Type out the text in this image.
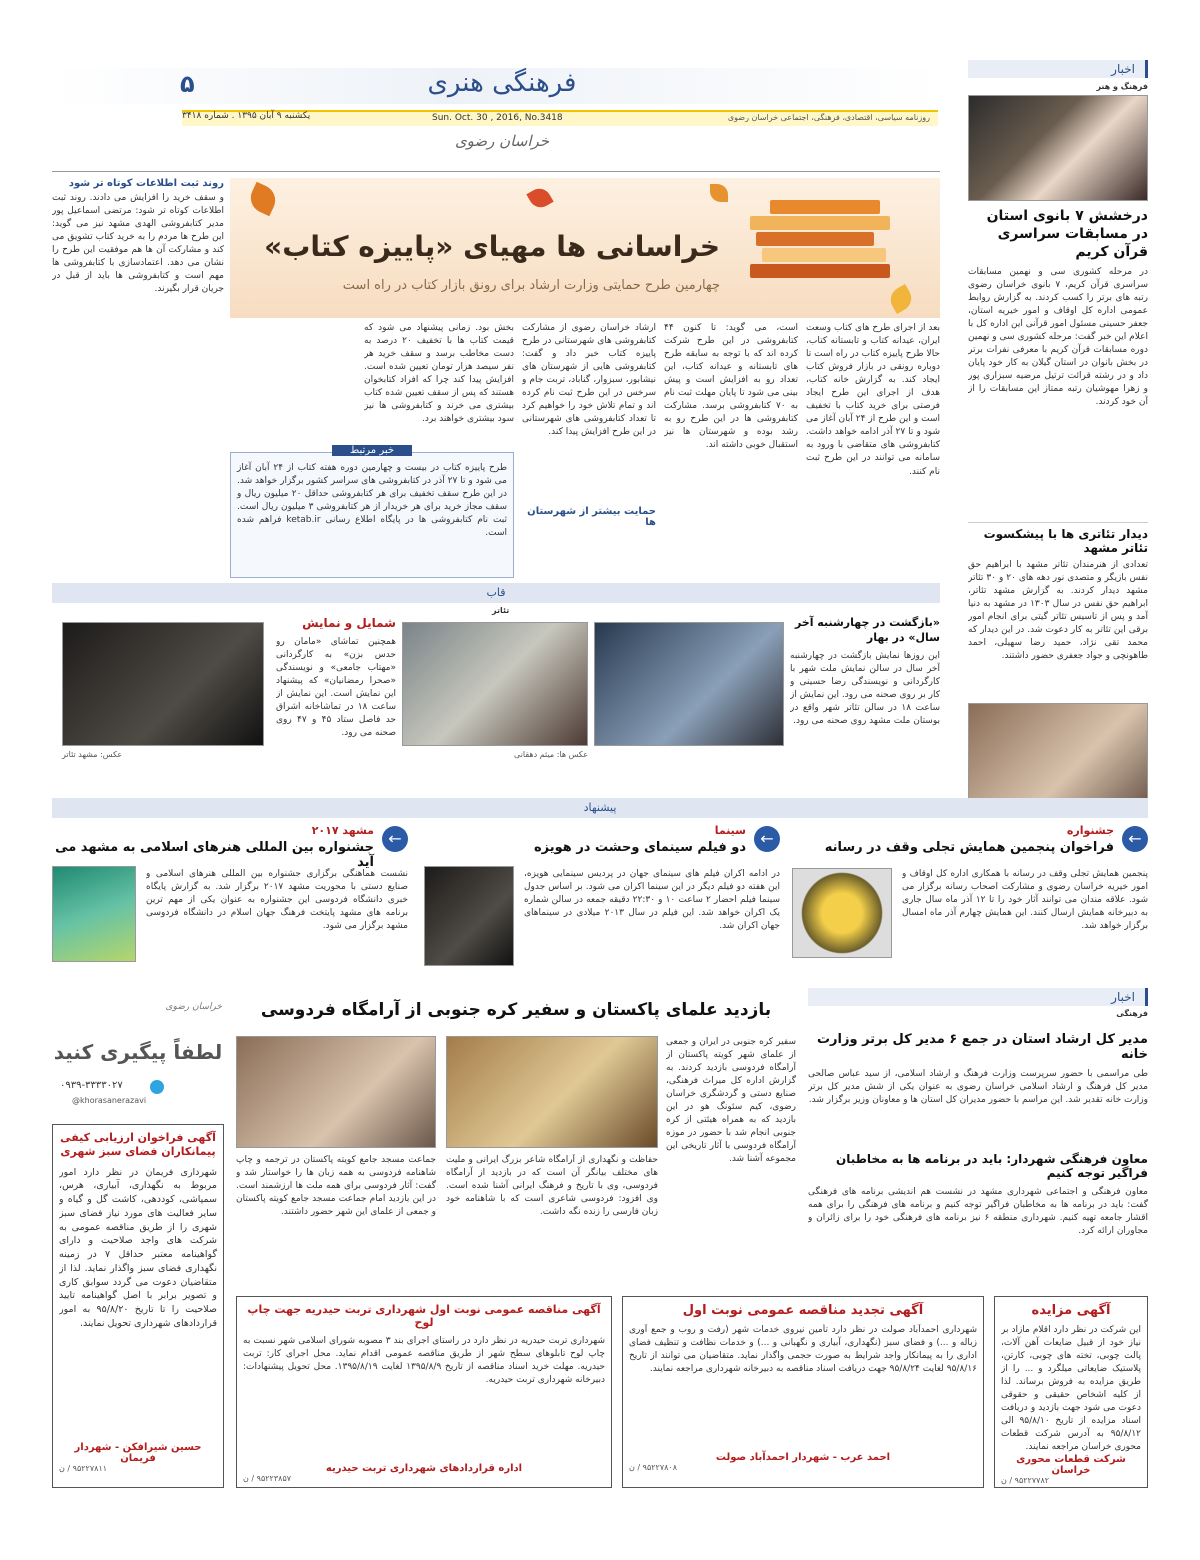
فرهنگی هنری
۵
روزنامه سیاسی، اقتصادی، فرهنگی، اجتماعی خراسان رضوی
Sun. Oct. 30 , 2016, No.3418
یکشنبه ۹ آبان ۱۳۹۵ . شماره ۳۴۱۸
خراسان رضوی
اخبار
فرهنگ و هنر
درخشش ۷ بانوی استان در مسابقات سراسری قرآن کریم
در مرحله کشوری سی و نهمین مسابقات سراسری قرآن کریم، ۷ بانوی خراسان رضوی رتبه های برتر را کسب کردند. به گزارش روابط عمومی اداره کل اوقاف و امور خیریه استان، جعفر حسینی مسئول امور قرآنی این اداره کل با اعلام این خبر گفت: مرحله کشوری سی و نهمین دوره مسابقات قرآن کریم با معرفی نفرات برتر در بخش بانوان در استان گیلان به کار خود پایان داد و در رشته قرائت ترتیل مرضیه سبزاری پور و زهرا مهوشیان رتبه ممتاز این مسابقات را از آن خود کردند.
دیدار تئاتری ها با پیشکسوت تئاتر مشهد
تعدادی از هنرمندان تئاتر مشهد با ابراهیم حق نفس بازیگر و متصدی نور دهه های ۲۰ و ۳۰ تئاتر مشهد دیدار کردند. به گزارش مشهد تئاتر، ابراهیم حق نفس در سال ۱۳۰۳ در مشهد به دنیا آمد و پس از تاسیس تئاتر گیتی برای انجام امور برقی این تئاتر به کار دعوت شد. در این دیدار که محمد تقی نژاد، حمید رضا سهیلی، احمد طاهونچی و جواد جعفری حضور داشتند.
خراسانی ها مهیای «پاییزه کتاب»
چهارمین طرح حمایتی وزارت ارشاد برای رونق بازار کتاب در راه است
بعد از اجرای طرح های کتاب وسعت ایران، عیدانه کتاب و تابستانه کتاب، حالا طرح پاییزه کتاب در راه است تا دوباره رونقی در بازار فروش کتاب ایجاد کند. به گزارش خانه کتاب، هدف از اجرای این طرح ایجاد فرصتی برای خرید کتاب با تخفیف است و این طرح از ۲۴ آبان آغاز می شود و تا ۲۷ آذر ادامه خواهد داشت. کتابفروشی های متقاضی با ورود به سامانه می توانند در این طرح ثبت نام کنند.
است، می گوید: تا کنون ۴۴ کتابفروشی در این طرح شرکت کرده اند که با توجه به سابقه طرح های تابستانه و عیدانه کتاب، این تعداد رو به افزایش است و پیش بینی می شود تا پایان مهلت ثبت نام به ۷۰ کتابفروشی برسد. مشارکت کتابفروشی ها در این طرح رو به رشد بوده و شهرستان ها نیز استقبال خوبی داشته اند.
ارشاد خراسان رضوی از مشارکت کتابفروشی های شهرستانی در طرح پاییزه کتاب خبر داد و گفت: کتابفروشی هایی از شهرستان های نیشابور، سبزوار، گناباد، تربت جام و سرخس در این طرح ثبت نام کرده اند و تمام تلاش خود را خواهیم کرد تا تعداد کتابفروشی های شهرستانی در این طرح افزایش پیدا کند.
حمایت بیشتر از شهرستان ها
بخش بود. زمانی پیشنهاد می شود که قیمت کتاب ها با تخفیف ۲۰ درصد به دست مخاطب برسد و سقف خرید هر نفر سیصد هزار تومان تعیین شده است. افزایش پیدا کند چرا که افراد کتابخوان هستند که پس از سقف تعیین شده کتاب بیشتری می خرند و کتابفروشی ها نیز سود بیشتری خواهند برد.
خبر مرتبط
طرح پاییزه کتاب در بیست و چهارمین دوره هفته کتاب از ۲۴ آبان آغاز می شود و تا ۲۷ آذر در کتابفروشی های سراسر کشور برگزار خواهد شد. در این طرح سقف تخفیف برای هر کتابفروشی حداقل ۲۰ میلیون ریال و سقف مجاز خرید برای هر خریدار از هر کتابفروشی ۳ میلیون ریال است. ثبت نام کتابفروشی ها در پایگاه اطلاع رسانی ketab.ir فراهم شده است.
روند ثبت اطلاعات کوتاه تر شود
و سقف خرید را افزایش می دادند. روند ثبت اطلاعات کوتاه تر شود: مرتضی اسماعیل پور مدیر کتابفروشی الهدی مشهد نیز می گوید: این طرح ها مردم را به خرید کتاب تشویق می کند و مشارکت آن ها هم موفقیت این طرح را نشان می دهد. اعتمادسازی با کتابفروشی ها مهم است و کتابفروشی ها باید از قبل در جریان قرار بگیرند.
قاب
تئاتر
«بازگشت در چهارشنبه آخر سال» در بهار
این روزها نمایش بازگشت در چهارشنبه آخر سال در سالن نمایش ملت شهر با کارگردانی و نویسندگی رضا حسینی و کار بر روی صحنه می رود. این نمایش از ساعت ۱۸ در سالن تئاتر شهر واقع در بوستان ملت مشهد روی صحنه می رود.
عکس ها: میثم دهقانی
شمایل و نمایش
همچنین تماشای «مامان رو حدس بزن» به کارگردانی «مهتاب جامعی» و نویسندگی «صحرا رمضانیان» که پیشنهاد این نمایش است. این نمایش از ساعت ۱۸ در تماشاخانه اشراق حد فاصل ستاد ۴۵ و ۴۷ روی صحنه می رود.
عکس: مشهد تئاتر
پیشنهاد
←
جشنواره
فراخوان پنجمین همایش تجلی وقف در رسانه
پنجمین همایش تجلی وقف در رسانه با همکاری اداره کل اوقاف و امور خیریه خراسان رضوی و مشارکت اصحاب رسانه برگزار می شود. علاقه مندان می توانند آثار خود را تا ۱۲ آذر ماه سال جاری به دبیرخانه همایش ارسال کنند. این همایش چهارم آذر ماه امسال برگزار خواهد شد.
←
سینما
دو فیلم سینمای وحشت در هویزه
در ادامه اکران فیلم های سینمای جهان در پردیس سینمایی هویزه، این هفته دو فیلم دیگر در این سینما اکران می شود. بر اساس جدول سینما فیلم احضار ۲ ساعت ۱۰ و ۲۲:۳۰ دقیقه جمعه در سالن شماره یک اکران خواهد شد. این فیلم در سال ۲۰۱۳ میلادی در سینماهای جهان اکران شد.
←
مشهد ۲۰۱۷
جشنواره بین المللی هنرهای اسلامی به مشهد می آید
نشست هماهنگی برگزاری جشنواره بین المللی هنرهای اسلامی و صنایع دستی با محوریت مشهد ۲۰۱۷ برگزار شد. به گزارش پایگاه خبری دانشگاه فردوسی این جشنواره به عنوان یکی از مهم ترین برنامه های مشهد پایتخت فرهنگ جهان اسلام در دانشگاه فردوسی مشهد برگزار می شود.
اخبار
فرهنگی
مدیر کل ارشاد استان در جمع ۶ مدیر کل برتر وزارت خانه
طی مراسمی با حضور سرپرست وزارت فرهنگ و ارشاد اسلامی، از سید عباس صالحی مدیر کل فرهنگ و ارشاد اسلامی خراسان رضوی به عنوان یکی از شش مدیر کل برتر وزارت خانه تقدیر شد. این مراسم با حضور مدیران کل استان ها و معاونان وزیر برگزار شد.
معاون فرهنگی شهردار: باید در برنامه ها به مخاطبان فراگیر توجه کنیم
معاون فرهنگی و اجتماعی شهرداری مشهد در نشست هم اندیشی برنامه های فرهنگی گفت: باید در برنامه ها به مخاطبان فراگیر توجه کنیم و برنامه های فرهنگی را برای همه اقشار جامعه تهیه کنیم. شهرداری منطقه ۶ نیز برنامه های فرهنگی خود را برای زائران و مجاوران ارائه کرد.
بازدید علمای پاکستان و سفیر کره جنوبی از آرامگاه فردوسی
سفیر کره جنوبی در ایران و جمعی از علمای شهر کویته پاکستان از آرامگاه فردوسی بازدید کردند. به گزارش اداره کل میراث فرهنگی، صنایع دستی و گردشگری خراسان رضوی، کیم سئونگ هو در این بازدید که به همراه هیئتی از کره جنوبی انجام شد با حضور در موزه آرامگاه فردوسی با آثار تاریخی این مجموعه آشنا شد.
حفاظت و نگهداری از آرامگاه شاعر بزرگ ایرانی و ملیت های مختلف بیانگر آن است که در بازدید از آرامگاه فردوسی، وی با تاریخ و فرهنگ ایرانی آشنا شده است. وی افزود: فردوسی شاعری است که با شاهنامه خود زبان فارسی را زنده نگه داشت.
جماعت مسجد جامع کویته پاکستان در ترجمه و چاپ شاهنامه فردوسی به همه زبان ها را خواستار شد و گفت: آثار فردوسی برای همه ملت ها ارزشمند است. در این بازدید امام جماعت مسجد جامع کویته پاکستان و جمعی از علمای این شهر حضور داشتند.
خراسان رضوی
لطفاً پیگیری کنید
۰۹۳۹-۳۳۳۳۰۲۷
@khorasanerazavi
آگهی فراخوان ارزیابی کیفی پیمانکاران فضای سبز شهری
شهرداری فریمان در نظر دارد امور مربوط به نگهداری، آبیاری، هرس، سمپاشی، کوددهی، کاشت گل و گیاه و سایر فعالیت های مورد نیاز فضای سبز شهری را از طریق مناقصه عمومی به شرکت های واجد صلاحیت و دارای گواهینامه معتبر حداقل ۷ در زمینه نگهداری فضای سبز واگذار نماید. لذا از متقاضیان دعوت می گردد سوابق کاری و تصویر برابر با اصل گواهینامه تایید صلاحیت را تا تاریخ ۹۵/۸/۲۰ به امور قراردادهای شهرداری تحویل نمایند.
حسین شیرافکن - شهردار فریمان
۹۵۲۲۷۸۱۱ / ن
آگهی مناقصه عمومی نوبت اول شهرداری تربت حیدریه جهت چاپ لوح
شهرداری تربت حیدریه در نظر دارد در راستای اجرای بند ۳ مصوبه شورای اسلامی شهر نسبت به چاپ لوح تابلوهای سطح شهر از طریق مناقصه عمومی اقدام نماید. محل اجرای کار: تربت حیدریه. مهلت خرید اسناد مناقصه از تاریخ ۱۳۹۵/۸/۹ لغایت ۱۳۹۵/۸/۱۹. محل تحویل پیشنهادات: دبیرخانه شهرداری تربت حیدریه.
اداره قراردادهای شهرداری تربت حیدریه
۹۵۲۲۳۸۵۷ / ن
آگهی تجدید مناقصه عمومی نوبت اول
شهرداری احمدآباد صولت در نظر دارد تأمین نیروی خدمات شهر (رفت و روب و جمع آوری زباله و ...) و فضای سبز (نگهداری، آبیاری و نگهبانی و ...) و خدمات نظافت و تنظیف فضای اداری را به پیمانکار واجد شرایط به صورت حجمی واگذار نماید. متقاضیان می توانند از تاریخ ۹۵/۸/۱۶ لغایت ۹۵/۸/۲۴ جهت دریافت اسناد مناقصه به دبیرخانه شهرداری مراجعه نمایند.
احمد عرب - شهردار احمدآباد صولت
۹۵۲۲۷۸۰۸ / ن
آگهی مزایده
این شرکت در نظر دارد اقلام مازاد بر نیاز خود از قبیل ضایعات آهن آلات، پالت چوبی، تخته های چوبی، کارتن، پلاستیک ضایعاتی میلگرد و ... را از طریق مزایده به فروش برساند. لذا از کلیه اشخاص حقیقی و حقوقی دعوت می شود جهت بازدید و دریافت اسناد مزایده از تاریخ ۹۵/۸/۱۰ الی ۹۵/۸/۱۲ به آدرس شرکت قطعات محوری خراسان مراجعه نمایند.
شرکت قطعات محوری خراسان
۹۵۲۲۷۷۸۲ / ن
